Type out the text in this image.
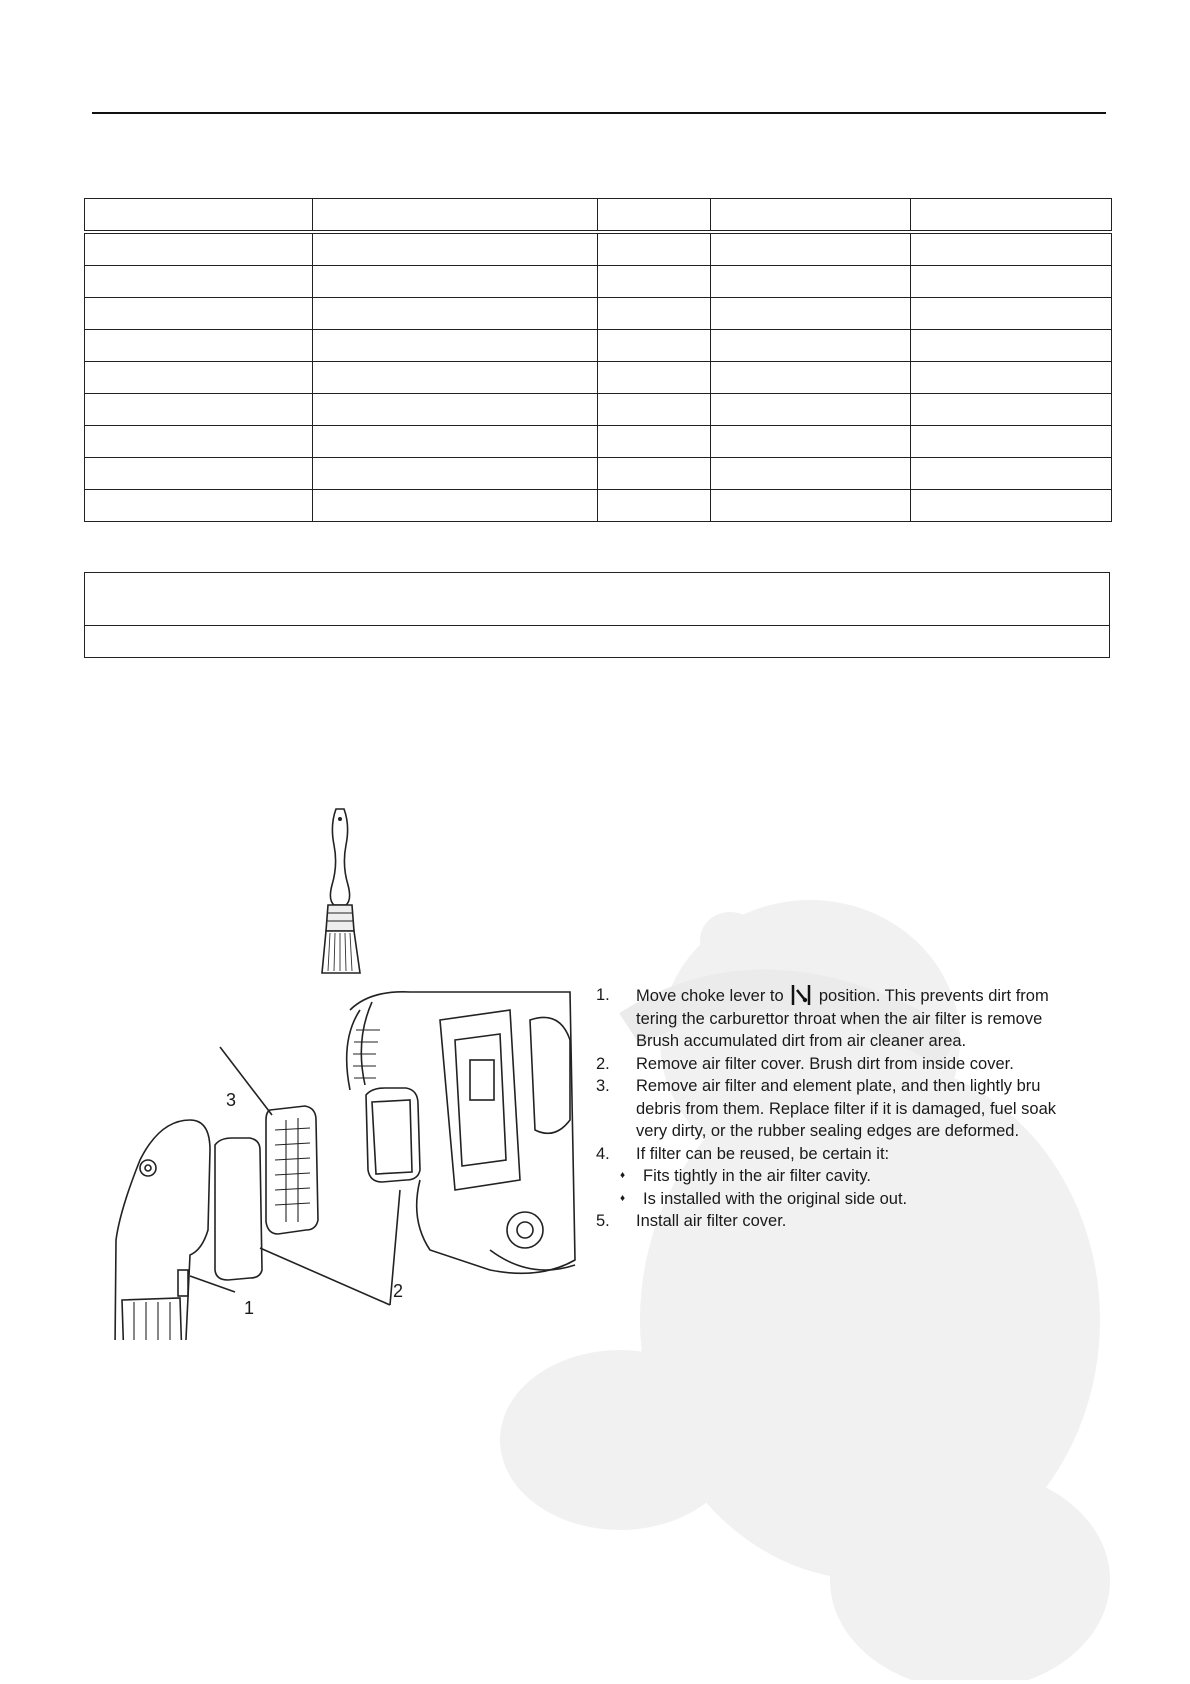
3
1
2
1. Move choke lever to position. This prevents dirt from
tering the carburettor throat when the air filter is remove
Brush accumulated dirt from air cleaner area.
2. Remove air filter cover. Brush dirt from inside cover.
3. Remove air filter and element plate, and then lightly bru
debris from them. Replace filter if it is damaged, fuel soak
very dirty, or the rubber sealing edges are deformed.
4. If filter can be reused, be certain it:
♦ Fits tightly in the air filter cavity.
♦ Is installed with the original side out.
5. Install air filter cover.
